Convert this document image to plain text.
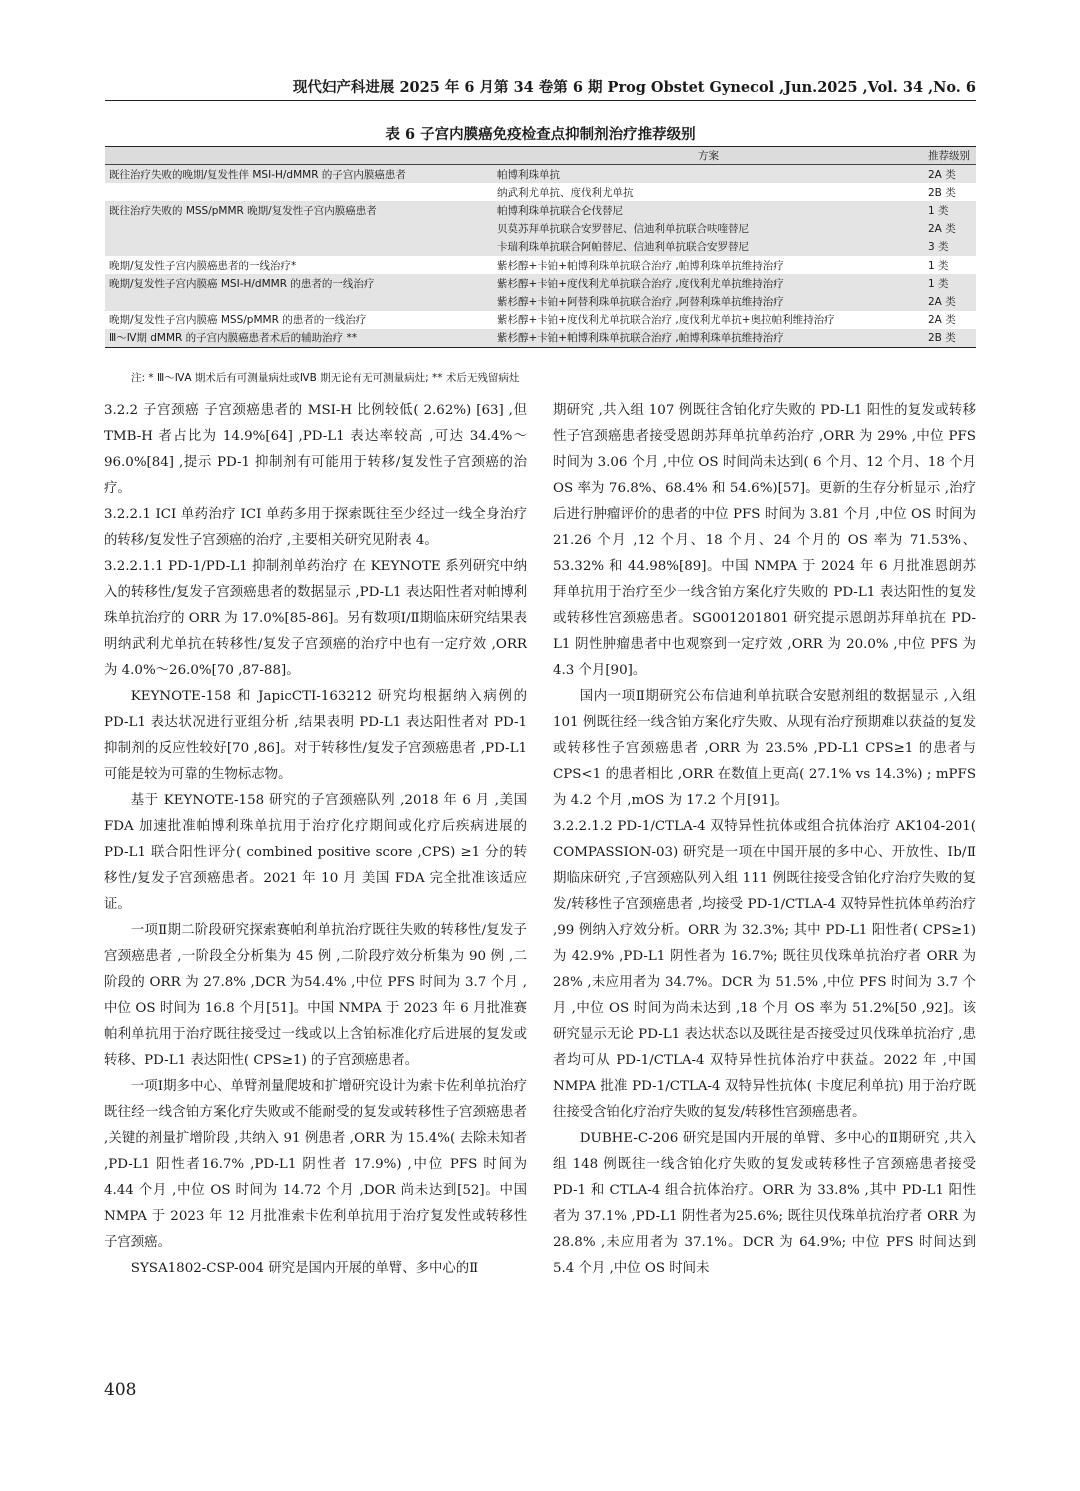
现代妇产科进展 2025 年 6 月第 34 卷第 6 期 Prog Obstet Gynecol ,Jun.2025 ,Vol. 34 ,No. 6
表 6 子宫内膜癌免疫检查点抑制剂治疗推荐级别
	方案	推荐级别
既往治疗失败的晚期/复发性伴 MSI-H/dMMR 的子宫内膜癌患者	帕博利珠单抗	2A 类
	纳武利尤单抗、度伐利尤单抗	2B 类
既往治疗失败的 MSS/pMMR 晚期/复发性子宫内膜癌患者	帕博利珠单抗联合仑伐替尼	1 类
	贝莫苏拜单抗联合安罗替尼、信迪利单抗联合呋喹替尼	2A 类
	卡瑞利珠单抗联合阿帕替尼、信迪利单抗联合安罗替尼	3 类
晚期/复发性子宫内膜癌患者的一线治疗*	紫杉醇+卡铂+帕博利珠单抗联合治疗 ,帕博利珠单抗维持治疗	1 类
晚期/复发性子宫内膜癌 MSI-H/dMMR 的患者的一线治疗	紫杉醇+卡铂+度伐利尤单抗联合治疗 ,度伐利尤单抗维持治疗	1 类
	紫杉醇+卡铂+阿替利珠单抗联合治疗 ,阿替利珠单抗维持治疗	2A 类
晚期/复发性子宫内膜癌 MSS/pMMR 的患者的一线治疗	紫杉醇+卡铂+度伐利尤单抗联合治疗 ,度伐利尤单抗+奥拉帕利维持治疗	2A 类
Ⅲ～Ⅳ期 dMMR 的子宫内膜癌患者术后的辅助治疗 **	紫杉醇+卡铂+帕博利珠单抗联合治疗 ,帕博利珠单抗维持治疗	2B 类
注: * Ⅲ～ⅣA 期术后有可测量病灶或ⅣB 期无论有无可测量病灶; ** 术后无残留病灶

3.2.2 子宫颈癌 子宫颈癌患者的 MSI-H 比例较低( 2.62%) [63] ,但 TMB-H 者占比为 14.9%[64] ,PD-L1 表达率较高 ,可达 34.4%～96.0%[84] ,提示 PD-1 抑制剂有可能用于转移/复发性子宫颈癌的治疗。

3.2.2.1 ICI 单药治疗 ICI 单药多用于探索既往至少经过一线全身治疗的转移/复发性子宫颈癌的治疗 ,主要相关研究见附表 4。

3.2.2.1.1 PD-1/PD-L1 抑制剂单药治疗 在 KEYNOTE 系列研究中纳入的转移性/复发子宫颈癌患者的数据显示 ,PD-L1 表达阳性者对帕博利珠单抗治疗的 ORR 为 17.0%[85-86]。另有数项Ⅰ/Ⅱ期临床研究结果表明纳武利尤单抗在转移性/复发子宫颈癌的治疗中也有一定疗效 ,ORR 为 4.0%～26.0%[70 ,87-88]。

KEYNOTE-158 和 JapicCTI-163212 研究均根据纳入病例的 PD-L1 表达状况进行亚组分析 ,结果表明 PD-L1 表达阳性者对 PD-1 抑制剂的反应性较好[70 ,86]。对于转移性/复发子宫颈癌患者 ,PD-L1 可能是较为可靠的生物标志物。

基于 KEYNOTE-158 研究的子宫颈癌队列 ,2018 年 6 月 ,美国 FDA 加速批准帕博利珠单抗用于治疗化疗期间或化疗后疾病进展的 PD-L1 联合阳性评分( combined positive score ,CPS) ≥1 分的转移性/复发子宫颈癌患者。2021 年 10 月 美国 FDA 完全批准该适应证。

一项Ⅱ期二阶段研究探索赛帕利单抗治疗既往失败的转移性/复发子宫颈癌患者 ,一阶段全分析集为 45 例 ,二阶段疗效分析集为 90 例 ,二阶段的 ORR 为 27.8% ,DCR 为54.4% ,中位 PFS 时间为 3.7 个月 ,中位 OS 时间为 16.8 个月[51]。中国 NMPA 于 2023 年 6 月批准赛帕利单抗用于治疗既往接受过一线或以上含铂标准化疗后进展的复发或转移、PD-L1 表达阳性( CPS≥1) 的子宫颈癌患者。

一项Ⅰ期多中心、单臂剂量爬坡和扩增研究设计为索卡佐利单抗治疗既往经一线含铂方案化疗失败或不能耐受的复发或转移性子宫颈癌患者 ,关键的剂量扩增阶段 ,共纳入 91 例患者 ,ORR 为 15.4%( 去除未知者 ,PD-L1 阳性者16.7% ,PD-L1 阴性者 17.9%) ,中位 PFS 时间为 4.44 个月 ,中位 OS 时间为 14.72 个月 ,DOR 尚未达到[52]。中国 NMPA 于 2023 年 12 月批准索卡佐利单抗用于治疗复发性或转移性子宫颈癌。

SYSA1802-CSP-004 研究是国内开展的单臂、多中心的Ⅱ

期研究 ,共入组 107 例既往含铂化疗失败的 PD-L1 阳性的复发或转移性子宫颈癌患者接受恩朗苏拜单抗单药治疗 ,ORR 为 29% ,中位 PFS 时间为 3.06 个月 ,中位 OS 时间尚未达到( 6 个月、12 个月、18 个月 OS 率为 76.8%、68.4% 和 54.6%)[57]。更新的生存分析显示 ,治疗后进行肿瘤评价的患者的中位 PFS 时间为 3.81 个月 ,中位 OS 时间为 21.26 个月 ,12 个月、18 个月、24 个月的 OS 率为 71.53%、53.32% 和 44.98%[89]。中国 NMPA 于 2024 年 6 月批准恩朗苏拜单抗用于治疗至少一线含铂方案化疗失败的 PD-L1 表达阳性的复发或转移性宫颈癌患者。SG001201801 研究提示恩朗苏拜单抗在 PD-L1 阴性肿瘤患者中也观察到一定疗效 ,ORR 为 20.0% ,中位 PFS 为 4.3 个月[90]。

国内一项Ⅱ期研究公布信迪利单抗联合安慰剂组的数据显示 ,入组 101 例既往经一线含铂方案化疗失败、从现有治疗预期难以获益的复发或转移性子宫颈癌患者 ,ORR 为 23.5% ,PD-L1 CPS≥1 的患者与 CPS<1 的患者相比 ,ORR 在数值上更高( 27.1% vs 14.3%) ; mPFS 为 4.2 个月 ,mOS 为 17.2 个月[91]。

3.2.2.1.2 PD-1/CTLA-4 双特异性抗体或组合抗体治疗 AK104-201( COMPASSION-03) 研究是一项在中国开展的多中心、开放性、Ⅰb/Ⅱ期临床研究 ,子宫颈癌队列入组 111 例既往接受含铂化疗治疗失败的复发/转移性子宫颈癌患者 ,均接受 PD-1/CTLA-4 双特异性抗体单药治疗 ,99 例纳入疗效分析。ORR 为 32.3%; 其中 PD-L1 阳性者( CPS≥1) 为 42.9% ,PD-L1 阴性者为 16.7%; 既往贝伐珠单抗治疗者 ORR 为 28% ,未应用者为 34.7%。DCR 为 51.5% ,中位 PFS 时间为 3.7 个月 ,中位 OS 时间为尚未达到 ,18 个月 OS 率为 51.2%[50 ,92]。该研究显示无论 PD-L1 表达状态以及既往是否接受过贝伐珠单抗治疗 ,患者均可从 PD-1/CTLA-4 双特异性抗体治疗中获益。2022 年 ,中国 NMPA 批准 PD-1/CTLA-4 双特异性抗体( 卡度尼利单抗) 用于治疗既往接受含铂化疗治疗失败的复发/转移性宫颈癌患者。

DUBHE-C-206 研究是国内开展的单臂、多中心的Ⅱ期研究 ,共入组 148 例既往一线含铂化疗失败的复发或转移性子宫颈癌患者接受 PD-1 和 CTLA-4 组合抗体治疗。ORR 为 33.8% ,其中 PD-L1 阳性者为 37.1% ,PD-L1 阴性者为25.6%; 既往贝伐珠单抗治疗者 ORR 为 28.8% ,未应用者为 37.1%。DCR 为 64.9%; 中位 PFS 时间达到 5.4 个月 ,中位 OS 时间未

408
